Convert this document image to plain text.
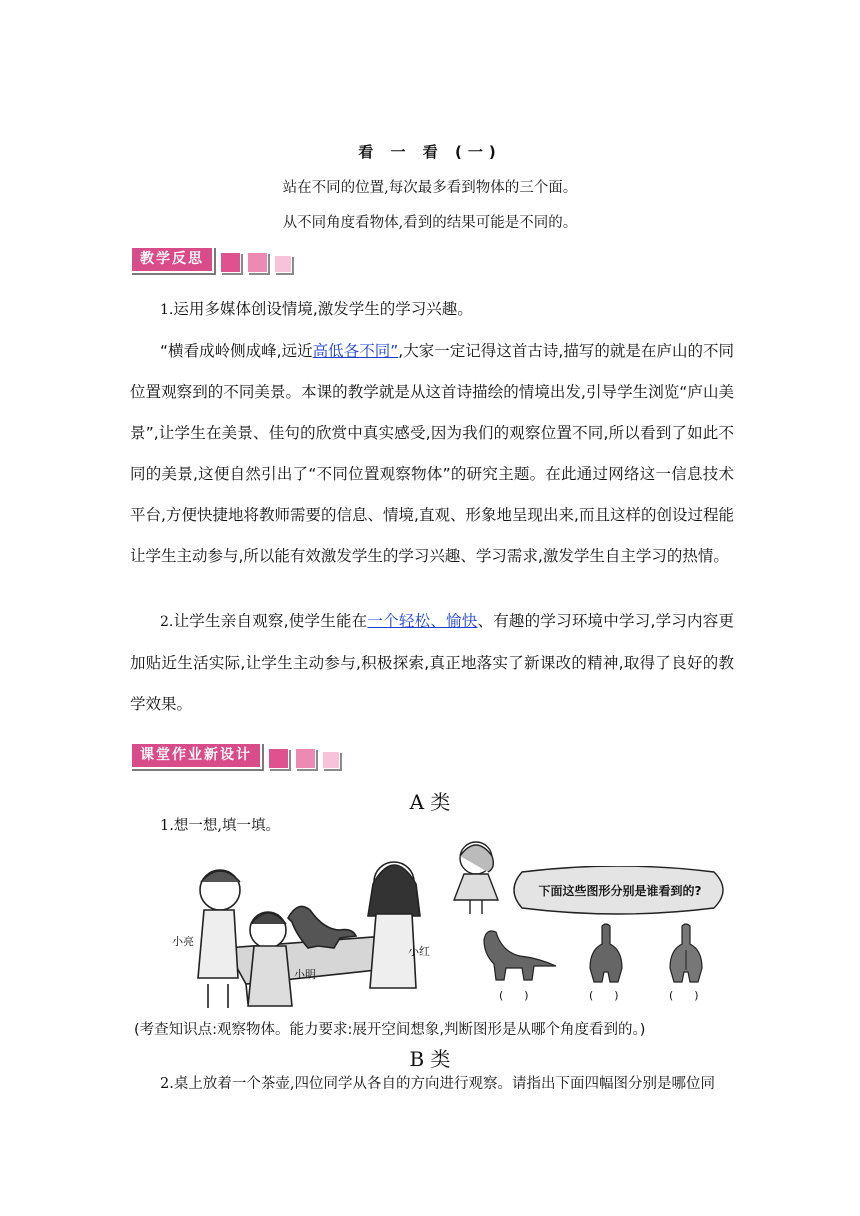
看 一 看 (一)
站在不同的位置,每次最多看到物体的三个面。
从不同角度看物体,看到的结果可能是不同的。
教学反思
1.运用多媒体创设情境,激发学生的学习兴趣。
“横看成岭侧成峰,远近高低各不同”,大家一定记得这首古诗,描写的就是在庐山的不同位置观察到的不同美景。本课的教学就是从这首诗描绘的情境出发,引导学生浏览“庐山美景”,让学生在美景、佳句的欣赏中真实感受,因为我们的观察位置不同,所以看到了如此不同的美景,这便自然引出了“不同位置观察物体”的研究主题。在此通过网络这一信息技术平台,方便快捷地将教师需要的信息、情境,直观、形象地呈现出来,而且这样的创设过程能让学生主动参与,所以能有效激发学生的学习兴趣、学习需求,激发学生自主学习的热情。
2.让学生亲自观察,使学生能在一个轻松、愉快、有趣的学习环境中学习,学习内容更加贴近生活实际,让学生主动参与,积极探索,真正地落实了新课改的精神,取得了良好的教学效果。
课堂作业新设计
A 类
1.想一想,填一填。
小亮
小明
小红
下面这些图形分别是谁看到的?
(      )	(      )	(      )
(考查知识点:观察物体。能力要求:展开空间想象,判断图形是从哪个角度看到的。)
B 类
2.桌上放着一个茶壶,四位同学从各自的方向进行观察。请指出下面四幅图分别是哪位同
